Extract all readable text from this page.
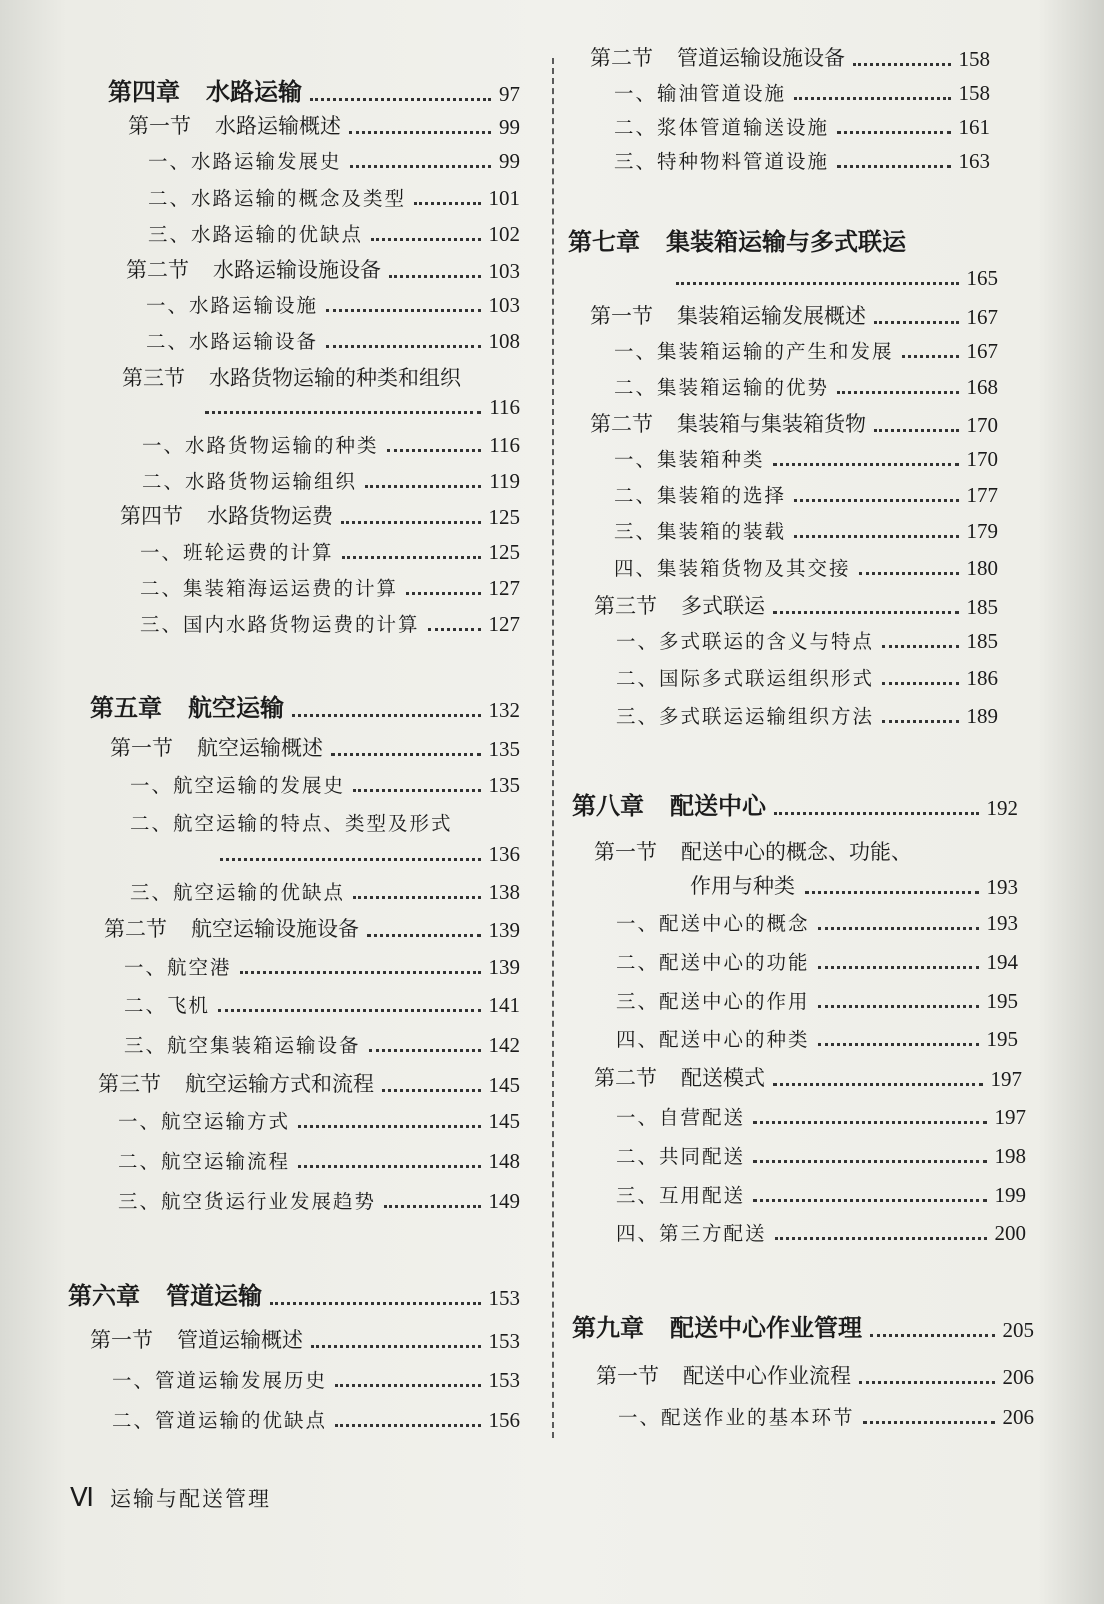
第四章 水路运输	97
第一节 水路运输概述	99
一、水路运输发展史	99
二、水路运输的概念及类型	101
三、水路运输的优缺点	102
第二节 水路运输设施设备	103
一、水路运输设施	103
二、水路运输设备	108
第三节 水路货物运输的种类和组织
116
一、水路货物运输的种类	116
二、水路货物运输组织	119
第四节 水路货物运费	125
一、班轮运费的计算	125
二、集装箱海运运费的计算	127
三、国内水路货物运费的计算	127
第五章 航空运输	132
第一节 航空运输概述	135
一、航空运输的发展史	135
二、航空运输的特点、类型及形式
136
三、航空运输的优缺点	138
第二节 航空运输设施设备	139
一、航空港	139
二、飞机	141
三、航空集装箱运输设备	142
第三节 航空运输方式和流程	145
一、航空运输方式	145
二、航空运输流程	148
三、航空货运行业发展趋势	149
第六章 管道运输	153
第一节 管道运输概述	153
一、管道运输发展历史	153
二、管道运输的优缺点	156
第二节 管道运输设施设备	158
一、输油管道设施	158
二、浆体管道输送设施	161
三、特种物料管道设施	163
第七章 集装箱运输与多式联运
165
第一节 集装箱运输发展概述	167
一、集装箱运输的产生和发展	167
二、集装箱运输的优势	168
第二节 集装箱与集装箱货物	170
一、集装箱种类	170
二、集装箱的选择	177
三、集装箱的装载	179
四、集装箱货物及其交接	180
第三节 多式联运	185
一、多式联运的含义与特点	185
二、国际多式联运组织形式	186
三、多式联运运输组织方法	189
第八章 配送中心	192
第一节 配送中心的概念、功能、
作用与种类	193
一、配送中心的概念	193
二、配送中心的功能	194
三、配送中心的作用	195
四、配送中心的种类	195
第二节 配送模式	197
一、自营配送	197
二、共同配送	198
三、互用配送	199
四、第三方配送	200
第九章 配送中心作业管理	205
第一节 配送中心作业流程	206
一、配送作业的基本环节	206
Ⅵ 运输与配送管理
